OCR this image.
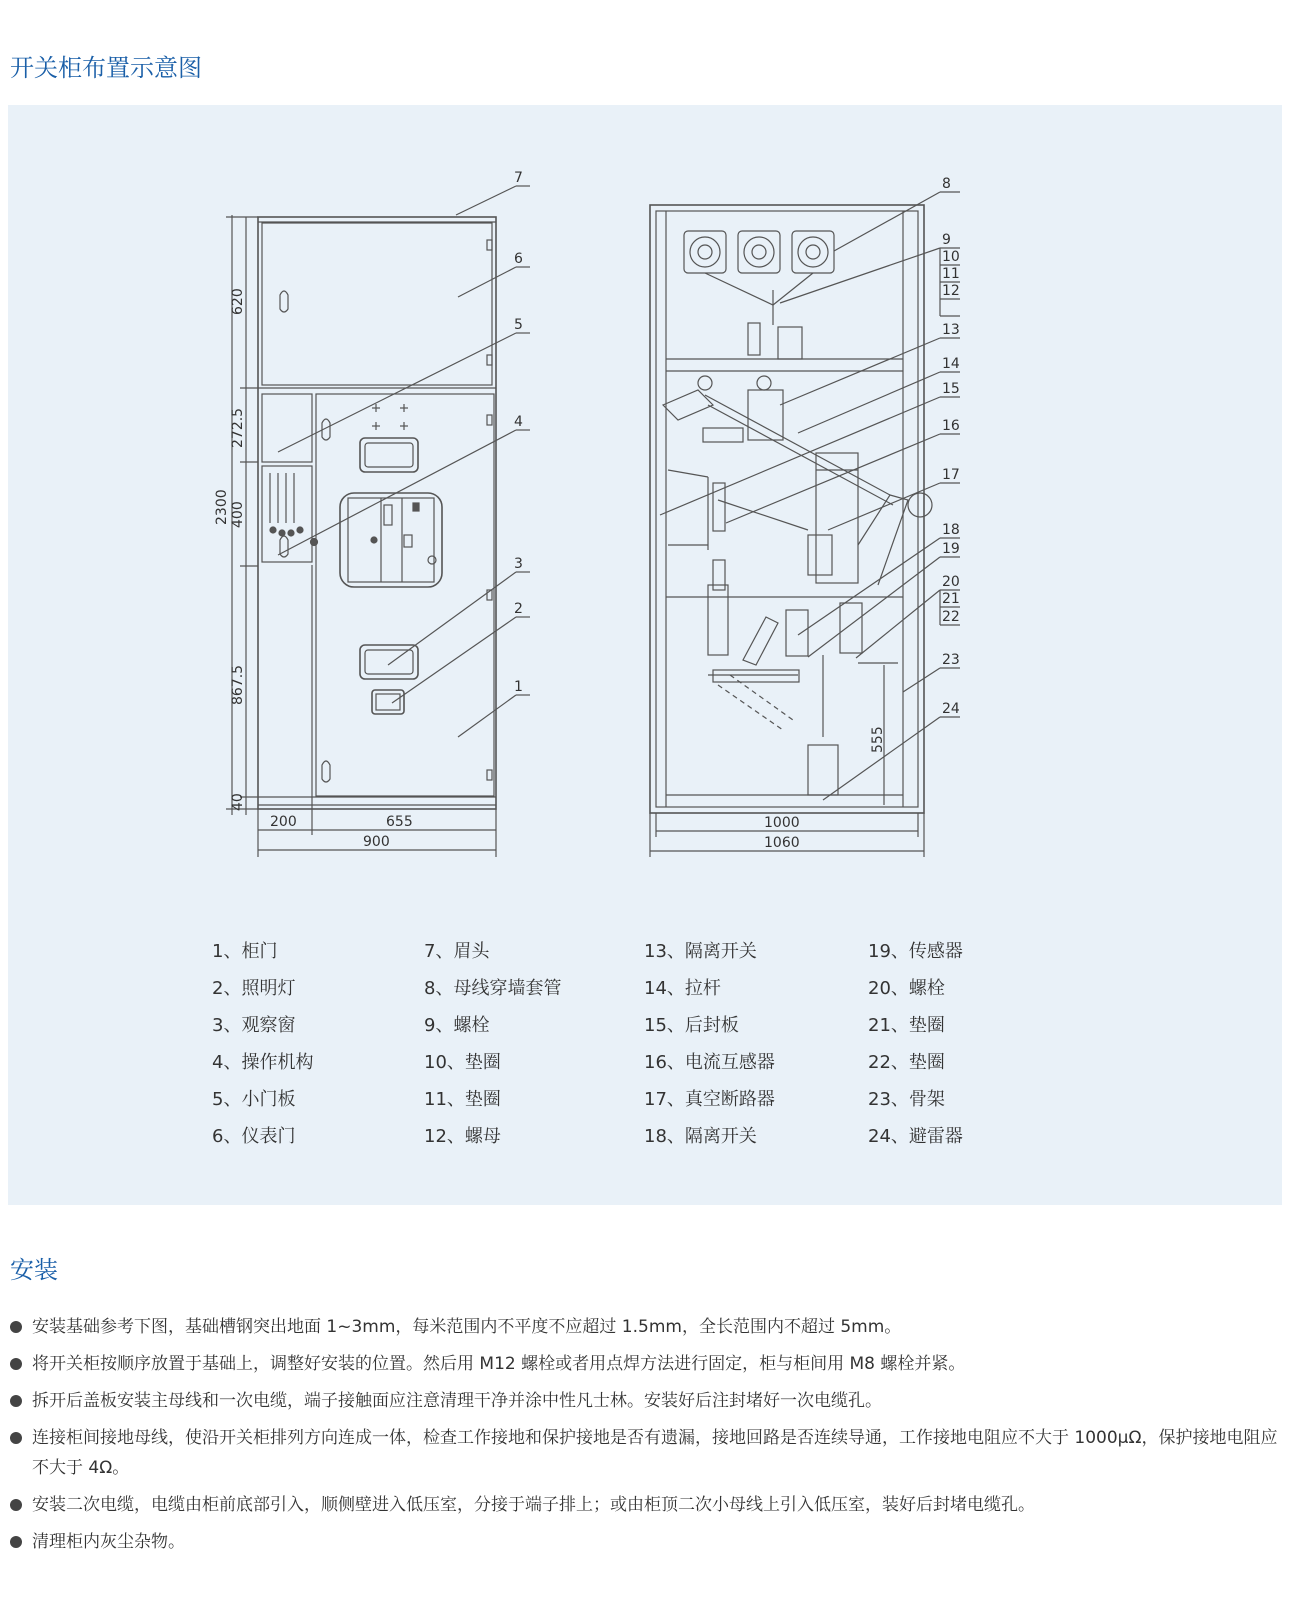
开关柜布置示意图
620
272.5
400
2300
867.5
40
200	655
900
7
6
5
4
3
2
1
1000
1060
555
8
9
10
11
12
13
14
15
16
17
18
19
20
21
22
23
24
1、柜门
2、照明灯
3、观察窗
4、操作机构
5、小门板
6、仪表门
7、眉头
8、母线穿墙套管
9、螺栓
10、垫圈
11、垫圈
12、螺母
13、隔离开关
14、拉杆
15、后封板
16、电流互感器
17、真空断路器
18、隔离开关
19、传感器
20、螺栓
21、垫圈
22、垫圈
23、骨架
24、避雷器
安装
安装基础参考下图，基础槽钢突出地面 1~3mm，每米范围内不平度不应超过 1.5mm，全长范围内不超过 5mm。
将开关柜按顺序放置于基础上，调整好安装的位置。然后用 M12 螺栓或者用点焊方法进行固定，柜与柜间用 M8 螺栓并紧。
拆开后盖板安装主母线和一次电缆，端子接触面应注意清理干净并涂中性凡士林。安装好后注封堵好一次电缆孔。
连接柜间接地母线，使沿开关柜排列方向连成一体，检查工作接地和保护接地是否有遗漏，接地回路是否连续导通，工作接地电阻应不大于 1000μΩ，保护接地电阻应不大于 4Ω。
安装二次电缆，电缆由柜前底部引入，顺侧壁进入低压室，分接于端子排上；或由柜顶二次小母线上引入低压室，装好后封堵电缆孔。
清理柜内灰尘杂物。
